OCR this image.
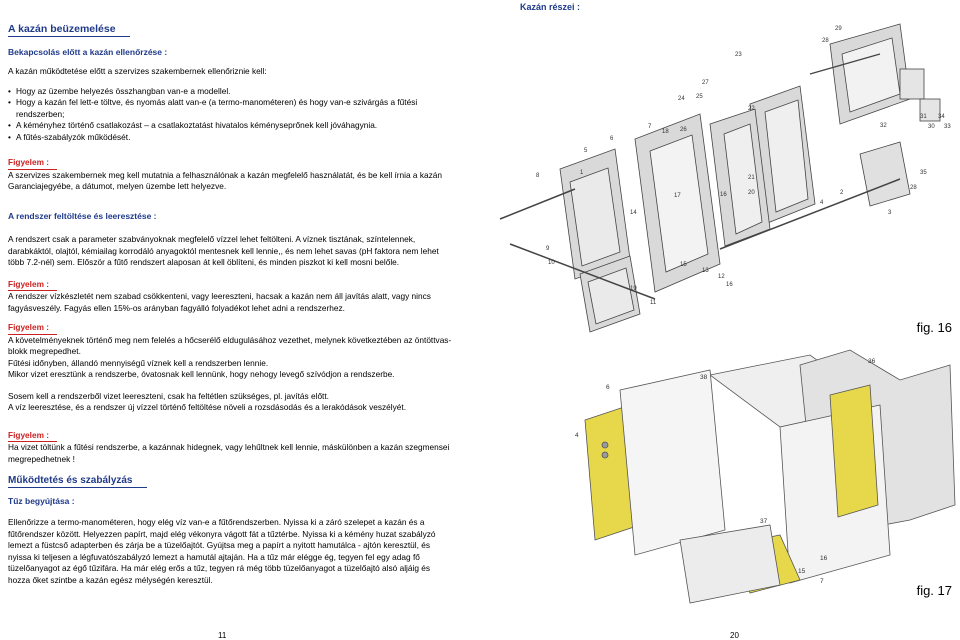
A kazán beüzemelése
Bekapcsolás előtt a kazán ellenőrzése :

A kazán működtetése előtt a szervizes szakembernek ellenőriznie kell:

• Hogy az üzembe helyezés összhangban van-e a modellel.
• Hogy a kazán fel lett-e töltve, és nyomás alatt van-e (a termo-manométeren) és hogy van-e szivárgás a fűtési rendszerben;
• A kéményhez történő csatlakozást – a csatlakoztatást hivatalos kéményseprőnek kell jóváhagynia.
• A fűtés-szabályzók működését.
Figyelem :

A szervizes szakembernek meg kell mutatnia a felhasználónak a kazán megfelelő használatát, és be kell írnia a kazán Garanciajegyébe, a dátumot, melyen üzembe lett helyezve.

A rendszer feltöltése és leeresztése :

A rendszert csak a parameter szabványoknak megfelelő vízzel lehet feltölteni. A víznek tisztának, színtelennek, darabkáktól, olajtól, kémiailag korrodáló anyagoktól mentesnek kell lennie,, és nem lehet savas (pH faktora nem lehet több 7.2-nél) sem. Először a fűtő rendszert alaposan át kell öblíteni, és minden piszkot ki kell mosni belőle.

Figyelem :

A rendszer vízkészletét nem szabad csökkenteni, vagy leereszteni, hacsak a kazán nem áll javítás alatt, vagy nincs fagyásveszély. Fagyás ellen 15%-os arányban fagyálló folyadékot lehet adni a rendszerhez.

Figyelem :
A követelményeknek történő meg nem felelés a hőcserélő eldugulásához vezethet, melynek következtében az öntöttvas-blokk megrepedhet.
Fűtési időnyben, állandó mennyiségű víznek kell a rendszerben lennie.
Mikor vizet eresztünk a rendszerbe, óvatosnak kell lennünk, hogy nehogy levegő szívódjon a rendszerbe.
Sosem kell a rendszerből vizet leereszteni, csak ha feltétlen szükséges, pl. javítás előtt.
A víz leeresztése, és a rendszer új vízzel történő feltöltése növeli a rozsdásodás és a lerakódások veszélyét.
Figyelem :

Ha vizet töltünk a fűtési rendszerbe, a kazánnak hidegnek, vagy lehűltnek kell lennie, máskülönben a kazán szegmensei megrepedhetnek !

Működtetés és szabályzás
Tűz begyújtása :

Ellenőrizze a termo-manométeren, hogy elég víz van-e a fűtőrendszerben. Nyissa ki a záró szelepet a kazán és a fűtőrendszer között. Helyezzen papírt, majd elég vékonyra vágott fát a tűztérbe. Nyissa ki a kémény huzat szabályzó lemezt a füstcső adapterben és zárja be a tüzelőajtót. Gyújtsa meg a papírt a nyitott hamutálca - ajtón keresztül, és nyissa ki teljesen a légfuvatószabályzó lemezt a hamutál ajtaján. Ha a tűz már elégge ég, tegyen fel egy adag fő tüzelőanyagot az égő tűzifára. Ha már elég erős a tűz, tegyen rá még több tüzelőanyagot a tüzelőajtó alsó aljáig és hozza őket szintbe a kazán egész mélységén keresztül.

11
Kazán részei :
29
28
23
27
24 25
22
26
18
7
6
5
1
31 34
33
32	30
21
20
35
28
2
3
4
8
17
14
16
9
10	15
13
12
19
11
16
fig. 16
38
36
6
37
4
16
15
7
fig. 17
20
